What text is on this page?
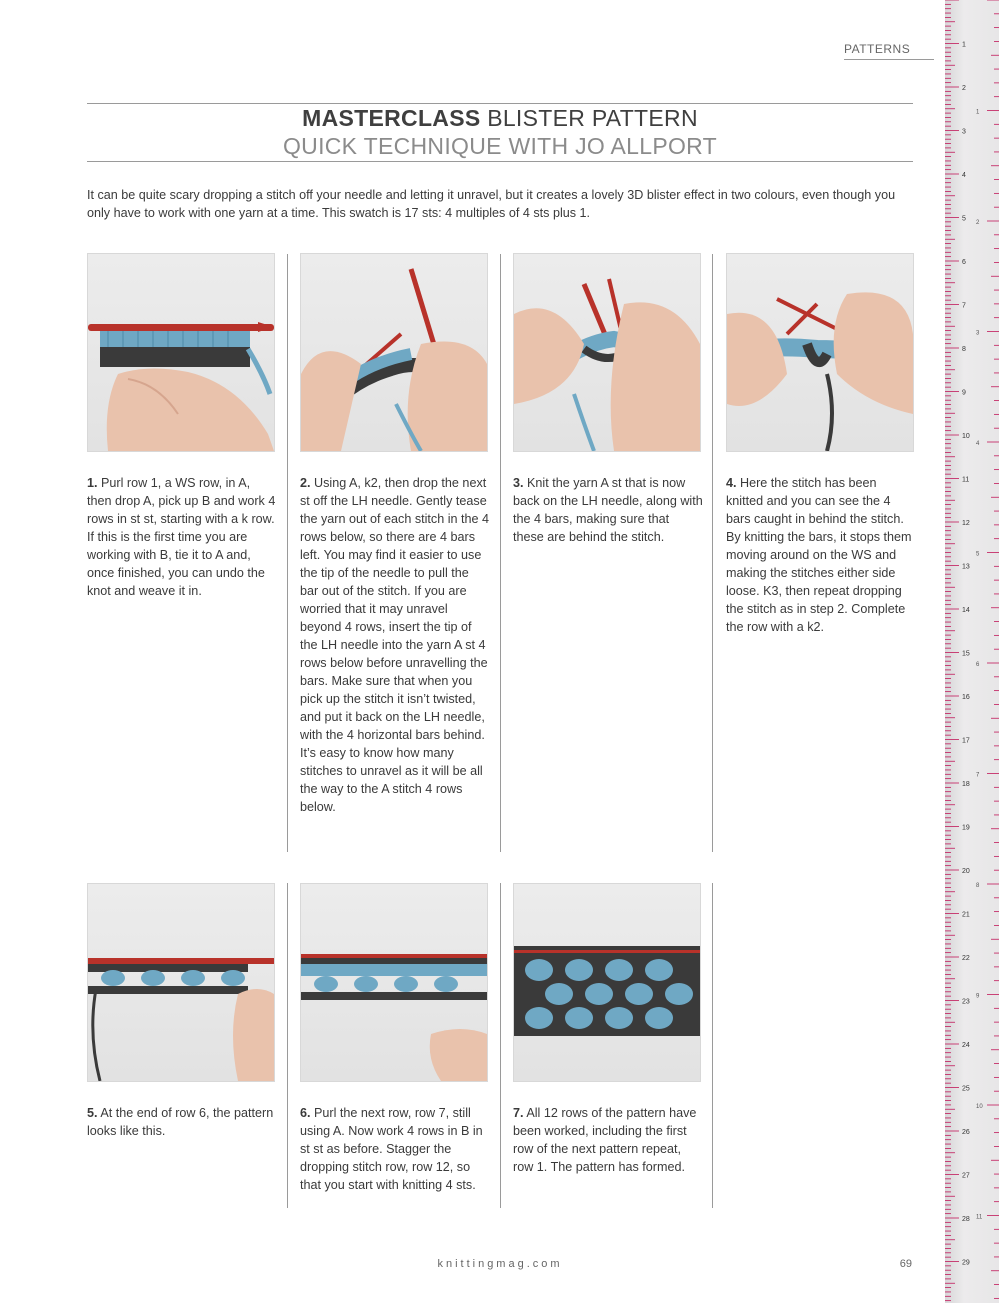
PATTERNS
MASTERCLASS BLISTER PATTERN
QUICK TECHNIQUE WITH JO ALLPORT
It can be quite scary dropping a stitch off your needle and letting it unravel, but it creates a lovely 3D blister effect in two colours, even though you only have to work with one yarn at a time. This swatch is 17 sts: 4 multiples of 4 sts plus 1.
1. Purl row 1, a WS row, in A, then drop A, pick up B and work 4 rows in st st, starting with a k row. If this is the first time you are working with B, tie it to A and, once finished, you can undo the knot and weave it in.
2. Using A, k2, then drop the next st off the LH needle. Gently tease the yarn out of each stitch in the 4 rows below, so there are 4 bars left. You may find it easier to use the tip of the needle to pull the bar out of the stitch. If you are worried that it may unravel beyond 4 rows, insert the tip of the LH needle into the yarn A st 4 rows below before unravelling the bars. Make sure that when you pick up the stitch it isn’t twisted, and put it back on the LH needle, with the 4 horizontal bars behind. It’s easy to know how many stitches to unravel as it will be all the way to the A stitch 4 rows below.
3. Knit the yarn A st that is now back on the LH needle, along with the 4 bars, making sure that these are behind the stitch.
4. Here the stitch has been knitted and you can see the 4 bars caught in behind the stitch. By knitting the bars, it stops them moving around on the WS and making the stitches either side loose. K3, then repeat dropping the stitch as in step 2. Complete the row with a k2.
5. At the end of row 6, the pattern looks like this.
6. Purl the next row, row 7, still using A. Now work 4 rows in B in st st as before. Stagger the dropping stitch row, row 12, so that you start with knitting 4 sts.
7. All 12 rows of the pattern have been worked, including the first row of the next pattern repeat, row 1. The pattern has formed.
knittingmag.com	69
1
2
3
4
5
6
7
8
9
10
11
12
13
14
15
16
17
18
19
20
21
22
23
24
25
26
27
28
29
1
2
3
4
5
6
7
8
9
10
11
